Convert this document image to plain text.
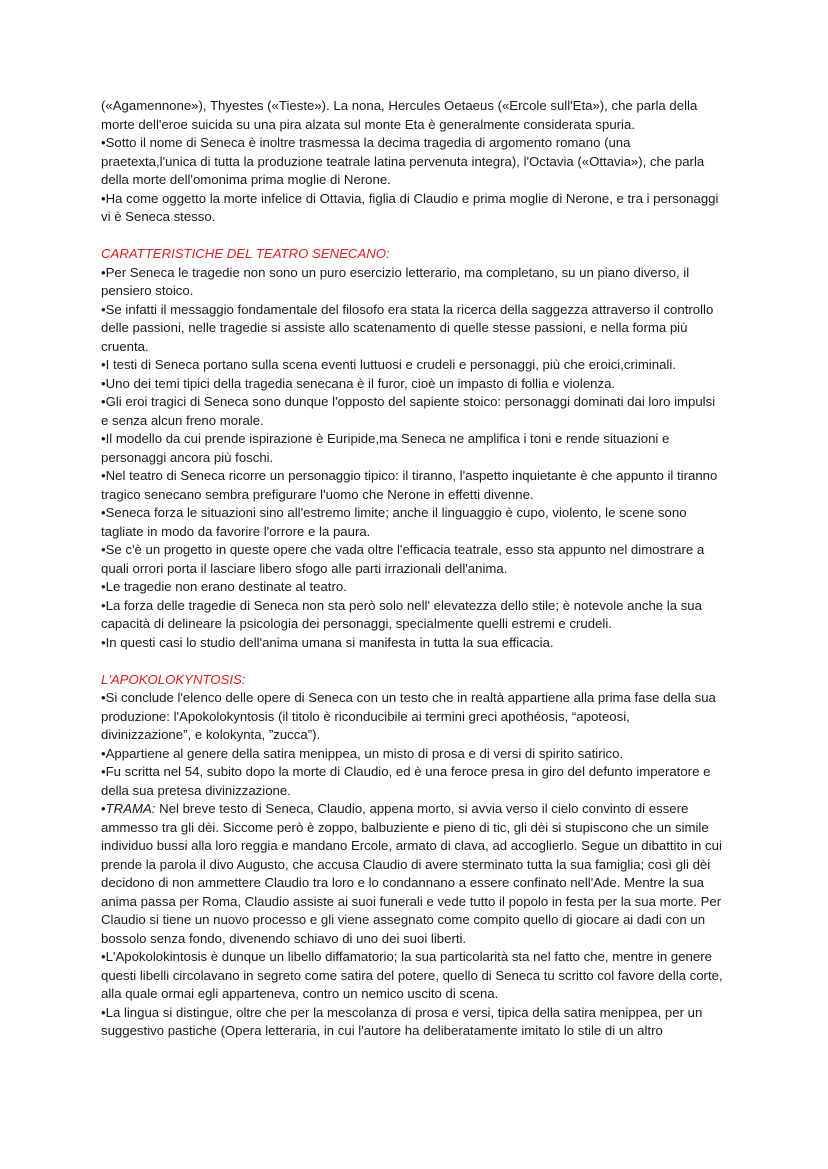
(«Agamennone»), Thyestes («Tieste»). La nona, Hercules Oetaeus («Ercole sull'Eta»), che parla della morte dell'eroe suicida su una pira alzata sul monte Eta è generalmente considerata spuria.

•Sotto il nome di Seneca è inoltre trasmessa la decima tragedia di argomento romano (una praetexta,l'unica di tutta la produzione teatrale latina pervenuta integra), l'Octavia («Ottavia»), che parla della morte dell'omonima prima moglie di Nerone.

•Ha come oggetto la morte infelice di Ottavia, figlia di Claudio e prima moglie di Nerone, e tra i personaggi vi è Seneca stesso.

CARATTERISTICHE DEL TEATRO SENECANO:

•Per Seneca le tragedie non sono un puro esercizio letterario, ma completano, su un piano diverso, il pensiero stoico.

•Se infatti il messaggio fondamentale del filosofo era stata la ricerca della saggezza attraverso il controllo delle passioni, nelle tragedie si assiste allo scatenamento di quelle stesse passioni, e nella forma più cruenta.

•I testi di Seneca portano sulla scena eventi luttuosi e crudeli e personaggi, più che eroici,criminali.

•Uno dei temi tipici della tragedia senecana è il furor, cioè un impasto di follia e violenza.

•Gli eroi tragici di Seneca sono dunque l'opposto del sapiente stoico: personaggi dominati dai loro impulsi e senza alcun freno morale.

•Il modello da cui prende ispirazione è Euripide,ma Seneca ne amplifica i toni e rende situazioni e personaggi ancora più foschi.

•Nel teatro di Seneca ricorre un personaggio tipico: il tiranno, l'aspetto inquietante è che appunto il tiranno tragico senecano sembra prefigurare l'uomo che Nerone in effetti divenne.

•Seneca forza le situazioni sino all'estremo limite; anche il linguaggio è cupo, violento, le scene sono tagliate in modo da favorire l'orrore e la paura.

•Se c'è un progetto in queste opere che vada oltre l'efficacia teatrale, esso sta appunto nel dimostrare a quali orrori porta il lasciare libero sfogo alle parti irrazionali dell'anima.

•Le tragedie non erano destinate al teatro.

•La forza delle tragedie di Seneca non sta però solo nell' elevatezza dello stile; è notevole anche la sua capacità di delineare la psicologia dei personaggi, specialmente quelli estremi e crudeli.

•In questi casi lo studio dell'anima umana si manifesta in tutta la sua efficacia.

L'APOKOLOKYNTOSIS:

•Si conclude l'elenco delle opere di Seneca con un testo che in realtà appartiene alla prima fase della sua produzione: l'Apokolokyntosis (il titolo è riconducibile ai termini greci apothéosis, “apoteosi, divinizzazione”, e kolokynta, ”zucca”).

•Appartiene al genere della satira menippea, un misto di prosa e di versi di spirito satirico.

•Fu scritta nel 54, subito dopo la morte di Claudio, ed è una feroce presa in giro del defunto imperatore e della sua pretesa divinizzazione.

•TRAMA: Nel breve testo di Seneca, Claudio, appena morto, si avvia verso il cielo convinto di essere ammesso tra gli dèi. Siccome però è zoppo, balbuziente e pieno di tic, gli dèi si stupiscono che un simile individuo bussi alla loro reggia e mandano Ercole, armato di clava, ad accoglierlo. Segue un dibattito in cui prende la parola il divo Augusto, che accusa Claudio di avere sterminato tutta la sua famiglia; così gli dèi decidono di non ammettere Claudio tra loro e lo condannano a essere confinato nell'Ade. Mentre la sua anima passa per Roma, Claudio assiste ai suoi funerali e vede tutto il popolo in festa per la sua morte. Per Claudio si tiene un nuovo processo e gli viene assegnato come compito quello di giocare ai dadi con un bossolo senza fondo, divenendo schiavo di uno dei suoi liberti.

•L'Apokolokintosis è dunque un libello diffamatorio; la sua particolarità sta nel fatto che, mentre in genere questi libelli circolavano in segreto come satira del potere, quello di Seneca tu scritto col favore della corte, alla quale ormai egli apparteneva, contro un nemico uscito di scena.

•La lingua si distingue, oltre che per la mescolanza di prosa e versi, tipica della satira menippea, per un suggestivo pastiche (Opera letteraria, in cui l'autore ha deliberatamente imitato lo stile di un altro
